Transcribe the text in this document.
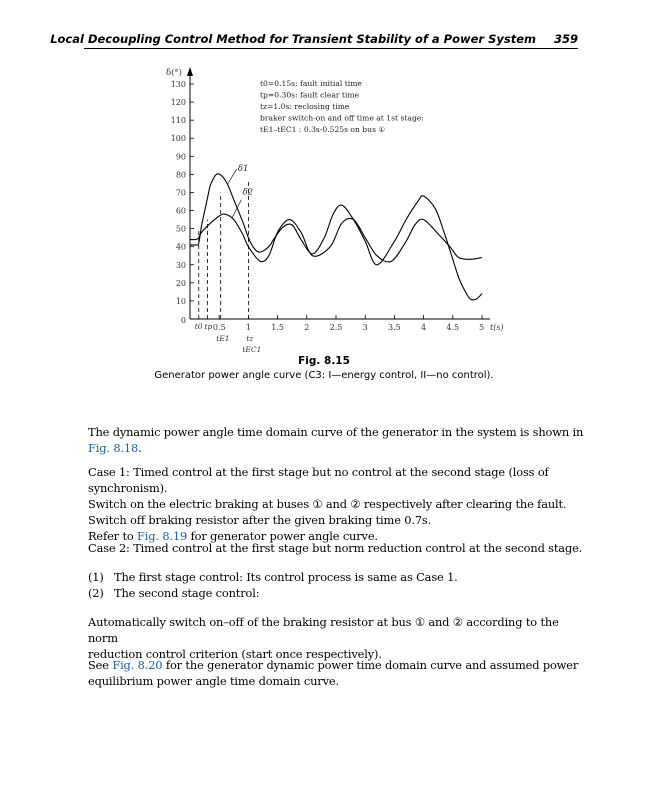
Local Decoupling Control Method for Transient Stability of a Power System 359
10
20
30
40
50
60
70
80
90
100
110
120
130
0.5	1	1.5	2	2.5	3	3.5	4	4.5 5
t0=0.15s: fault initial time
tp=0.30s: fault clear time
tz=1.0s: reclosing time
braker switch-on and off time at 1st stage:
tE1–tEC1 : 0.3s-0.525s on bus ①
0
δ(°)
t(s)
t0 tp
tE1 tz
tEC1
δ1
δ2
Fig. 8.15
Generator power angle curve (C3: I—energy control, II—no control).

The dynamic power angle time domain curve of the generator in the system is shown in

Fig. 8.18.

Case 1: Timed control at the first stage but no control at the second stage (loss of synchronism).

Switch on the electric braking at buses ① and ② respectively after clearing the fault.

Switch off braking resistor after the given braking time 0.7s.

Refer to Fig. 8.19 for generator power angle curve.

Case 2: Timed control at the first stage but norm reduction control at the second stage.

(1) The first stage control: Its control process is same as Case 1.
(2) The second stage control:

Automatically switch on–off of the braking resistor at bus ① and ② according to the norm

reduction control criterion (start once respectively).

See Fig. 8.20 for the generator dynamic power time domain curve and assumed power

equilibrium power angle time domain curve.
